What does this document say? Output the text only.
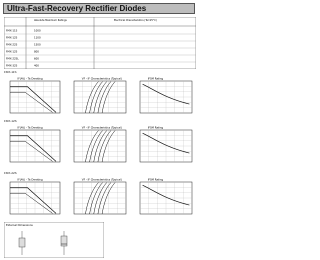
Ultra-Fast-Recovery Rectifier Diodes
Absolute Maximum Ratings	Electrical Characteristics (Ta=25°C)
FMX-11S	1000
FMX-12S	1100
FMX-22S	1500
FMX-12S	800
FMX-22SL	600
FMX-32S	400
FMX-11S
FMX-12S
FMX-22S
IF(AV) - Ta Derating	VF - IF Characteristics (Typical)	IFSM Rating
IF(AV) - Ta Derating	VF - IF Characteristics (Typical)	IFSM Rating
IF(AV) - Ta Derating	VF - IF Characteristics (Typical)	IFSM Rating
External Dimensions
